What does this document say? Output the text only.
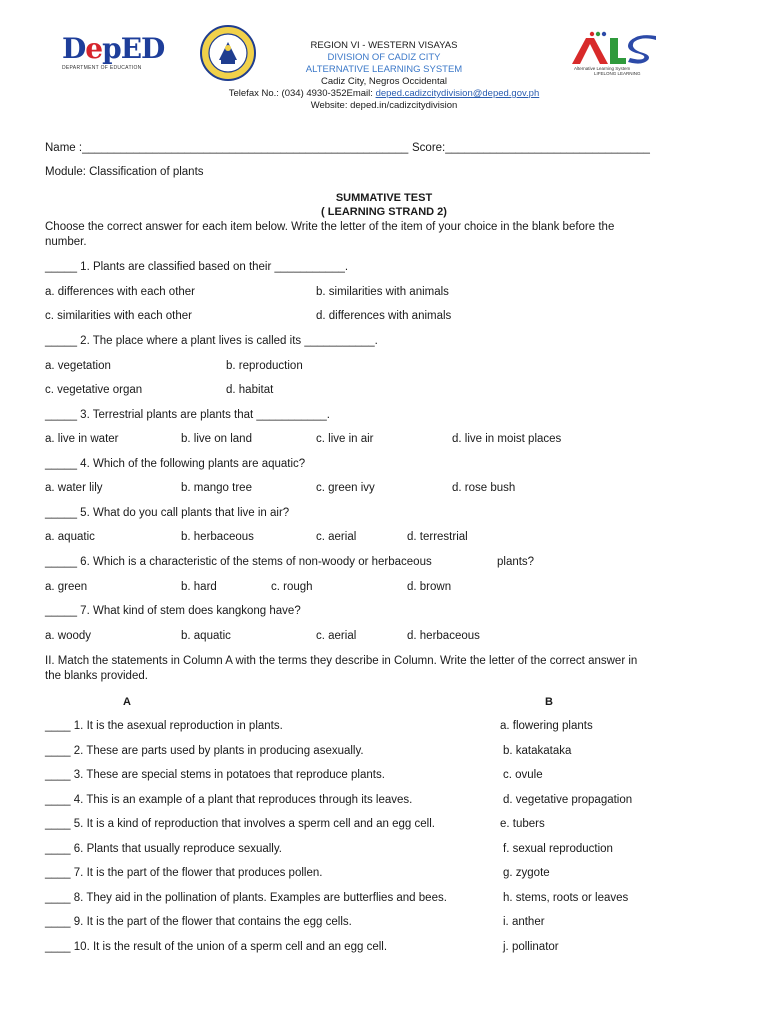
DepED
DEPARTMENT OF EDUCATION	Alternative Learning System
LIFELONG LEARNING
REGION VI - WESTERN VISAYAS
DIVISION OF CADIZ CITY
ALTERNATIVE LEARNING SYSTEM
Cadiz City, Negros Occidental
Telefax No.: (034) 4930-352Email: deped.cadizcitydivision@deped.gov.ph
Website: deped.in/cadizcitydivision
Name :___________________________________________________ Score:________________________________
Module: Classification of plants
SUMMATIVE TEST
( LEARNING STRAND 2)
Choose the correct answer for each item below. Write the letter of the item of your choice in the blank before the
number.
_____ 1. Plants are classified based on their ___________.
a. differences with each other	b. similarities with animals
c. similarities with each other	d. differences with animals
_____ 2. The place where a plant lives is called its ___________.
a. vegetation	b. reproduction
c. vegetative organ	d. habitat
_____ 3. Terrestrial plants are plants that ___________.
a. live in water	b. live on land	c. live in air	d. live in moist places
_____ 4. Which of the following plants are aquatic?
a. water lily	b. mango tree	c. green ivy	d. rose bush
_____ 5. What do you call plants that live in air?
a. aquatic	b. herbaceous	c. aerial	d. terrestrial
_____ 6. Which is a characteristic of the stems of non-woody or herbaceous	plants?
a. green	b. hard	c. rough	d. brown
_____ 7. What kind of stem does kangkong have?
a. woody	b. aquatic	c. aerial	d. herbaceous
II. Match the statements in Column A with the terms they describe in Column. Write the letter of the correct answer in
the blanks provided.
A	B
____ 1. It is the asexual reproduction in plants.	a. flowering plants
____ 2. These are parts used by plants in producing asexually.	b. katakataka
____ 3. These are special stems in potatoes that reproduce plants.	c. ovule
____ 4. This is an example of a plant that reproduces through its leaves.	d. vegetative propagation
____ 5. It is a kind of reproduction that involves a sperm cell and an egg cell.	e. tubers
____ 6. Plants that usually reproduce sexually.	f. sexual reproduction
____ 7. It is the part of the flower that produces pollen.	g. zygote
____ 8. They aid in the pollination of plants. Examples are butterflies and bees.	h. stems, roots or leaves
____ 9. It is the part of the flower that contains the egg cells.	i. anther
____ 10. It is the result of the union of a sperm cell and an egg cell.	j. pollinator
